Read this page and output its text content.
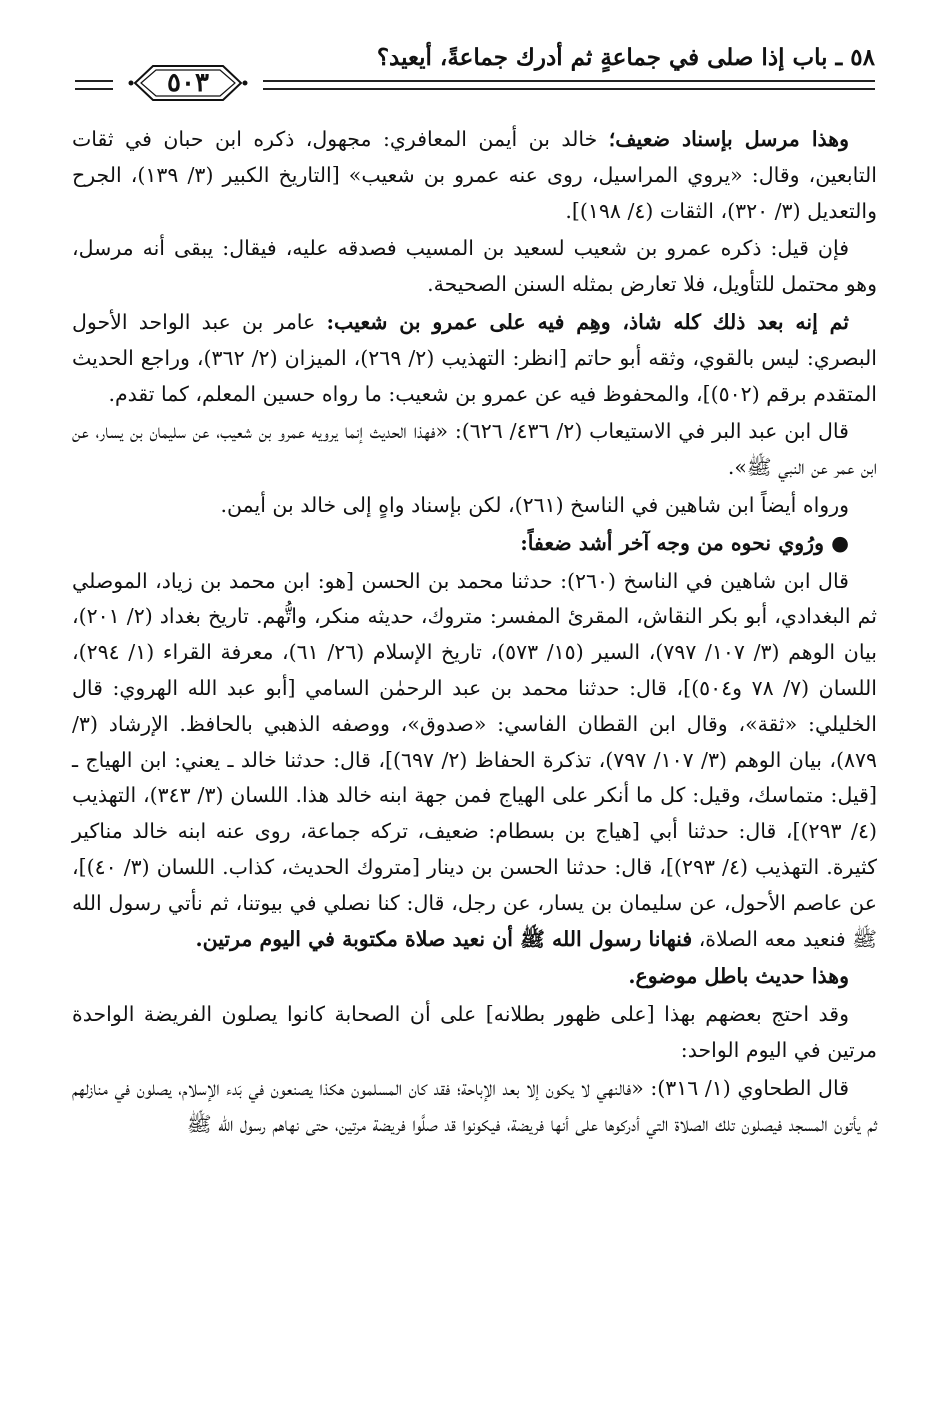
٥٨ ـ باب إذا صلى في جماعةٍ ثم أدرك جماعةً، أيعيد؟
٥٠٣

وهذا مرسل بإسناد ضعيف؛ خالد بن أيمن المعافري: مجهول، ذكره ابن حبان في ثقات التابعين، وقال: «يروي المراسيل، روى عنه عمرو بن شعيب» [التاريخ الكبير (٣/ ١٣٩)، الجرح والتعديل (٣/ ٣٢٠)، الثقات (٤/ ١٩٨)].

فإن قيل: ذكره عمرو بن شعيب لسعيد بن المسيب فصدقه عليه، فيقال: يبقى أنه مرسل، وهو محتمل للتأويل، فلا تعارض بمثله السنن الصحيحة.

ثم إنه بعد ذلك كله شاذ، وهِم فيه على عمرو بن شعيب: عامر بن عبد الواحد الأحول البصري: ليس بالقوي، وثقه أبو حاتم [انظر: التهذيب (٢/ ٢٦٩)، الميزان (٢/ ٣٦٢)، وراجع الحديث المتقدم برقم (٥٠٢)]، والمحفوظ فيه عن عمرو بن شعيب: ما رواه حسين المعلم، كما تقدم.

قال ابن عبد البر في الاستيعاب (٢/ ٤٣٦/ ٦٢٦): «فهذا الحديث إنما يرويه عمرو بن شعيب، عن سليمان بن يسار، عن ابن عمر عن النبي ﷺ».

ورواه أيضاً ابن شاهين في الناسخ (٢٦١)، لكن بإسناد واهٍ إلى خالد بن أيمن.

● ورُوي نحوه من وجه آخر أشد ضعفاً:

قال ابن شاهين في الناسخ (٢٦٠): حدثنا محمد بن الحسن [هو: ابن محمد بن زياد، الموصلي ثم البغدادي، أبو بكر النقاش، المقرئ المفسر: متروك، حديثه منكر، واتُّهم. تاريخ بغداد (٢/ ٢٠١)، بيان الوهم (٣/ ١٠٧/ ٧٩٧)، السير (١٥/ ٥٧٣)، تاريخ الإسلام (٢٦/ ٦١)، معرفة القراء (١/ ٢٩٤)، اللسان (٧/ ٧٨ و٥٠٤)]، قال: حدثنا محمد بن عبد الرحمٰن السامي [أبو عبد الله الهروي: قال الخليلي: «ثقة»، وقال ابن القطان الفاسي: «صدوق»، ووصفه الذهبي بالحافظ. الإرشاد (٣/ ٨٧٩)، بيان الوهم (٣/ ١٠٧/ ٧٩٧)، تذكرة الحفاظ (٢/ ٦٩٧)]، قال: حدثنا خالد ـ يعني: ابن الهياج ـ [قيل: متماسك، وقيل: كل ما أنكر على الهياج فمن جهة ابنه خالد هذا. اللسان (٣/ ٣٤٣)، التهذيب (٤/ ٢٩٣)]، قال: حدثنا أبي [هياج بن بسطام: ضعيف، تركه جماعة، روى عنه ابنه خالد مناكير كثيرة. التهذيب (٤/ ٢٩٣)]، قال: حدثنا الحسن بن دينار [متروك الحديث، كذاب. اللسان (٣/ ٤٠)]، عن عاصم الأحول، عن سليمان بن يسار، عن رجل، قال: كنا نصلي في بيوتنا، ثم نأتي رسول الله ﷺ فنعيد معه الصلاة، فنهانا رسول الله ﷺ أن نعيد صلاة مكتوبة في اليوم مرتين.

وهذا حديث باطل موضوع.

وقد احتج بعضهم بهذا [على ظهور بطلانه] على أن الصحابة كانوا يصلون الفريضة الواحدة مرتين في اليوم الواحد:

قال الطحاوي (١/ ٣١٦): «فالنهي لا يكون إلا بعد الإباحة؛ فقد كان المسلمون هكذا يصنعون في بَدء الإسلام، يصلون في منازلهم ثم يأتون المسجد فيصلون تلك الصلاة التي أدركوها على أنها فريضة، فيكونوا قد صلَّوا فريضة مرتين، حتى نهاهم رسول الله ﷺ
